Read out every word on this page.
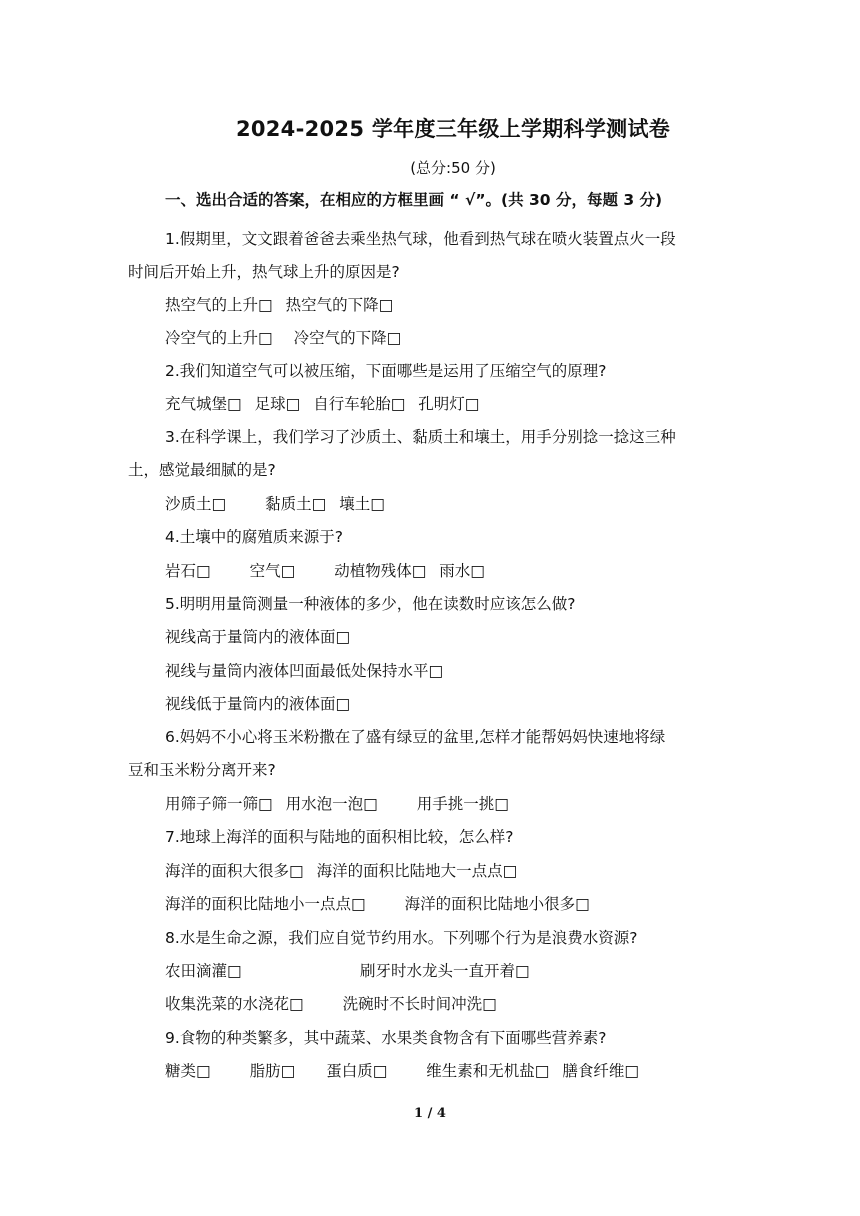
2024-2025 学年度三年级上学期科学测试卷
(总分:50 分)
一、选出合适的答案，在相应的方框里画 “ √”。(共 30 分，每题 3 分)
1.假期里，文文跟着爸爸去乘坐热气球，他看到热气球在喷火装置点火一段
时间后开始上升，热气球上升的原因是?
热空气的上升□ 热空气的下降□
冷空气的上升□ 冷空气的下降□
2.我们知道空气可以被压缩，下面哪些是运用了压缩空气的原理?
充气城堡□ 足球□ 自行车轮胎□ 孔明灯□
3.在科学课上，我们学习了沙质土、黏质土和壤土，用手分别捻一捻这三种
土，感觉最细腻的是?
沙质土□	黏质土□ 壤土□
4.土壤中的腐殖质来源于?
岩石□	空气□	动植物残体□ 雨水□
5.明明用量筒测量一种液体的多少，他在读数时应该怎么做?
视线高于量筒内的液体面□
视线与量筒内液体凹面最低处保持水平□
视线低于量筒内的液体面□
6.妈妈不小心将玉米粉撒在了盛有绿豆的盆里,怎样才能帮妈妈快速地将绿
豆和玉米粉分离开来?
用筛子筛一筛□ 用水泡一泡□	用手挑一挑□
7.地球上海洋的面积与陆地的面积相比较，怎么样?
海洋的面积大很多□ 海洋的面积比陆地大一点点□
海洋的面积比陆地小一点点□	海洋的面积比陆地小很多□
8.水是生命之源，我们应自觉节约用水。下列哪个行为是浪费水资源?
农田滴灌□	刷牙时水龙头一直开着□
收集洗菜的水浇花□	洗碗时不长时间冲洗□
9.食物的种类繁多，其中蔬菜、水果类食物含有下面哪些营养素?
糖类□	脂肪□ 蛋白质□	维生素和无机盐□ 膳食纤维□
1 / 4
